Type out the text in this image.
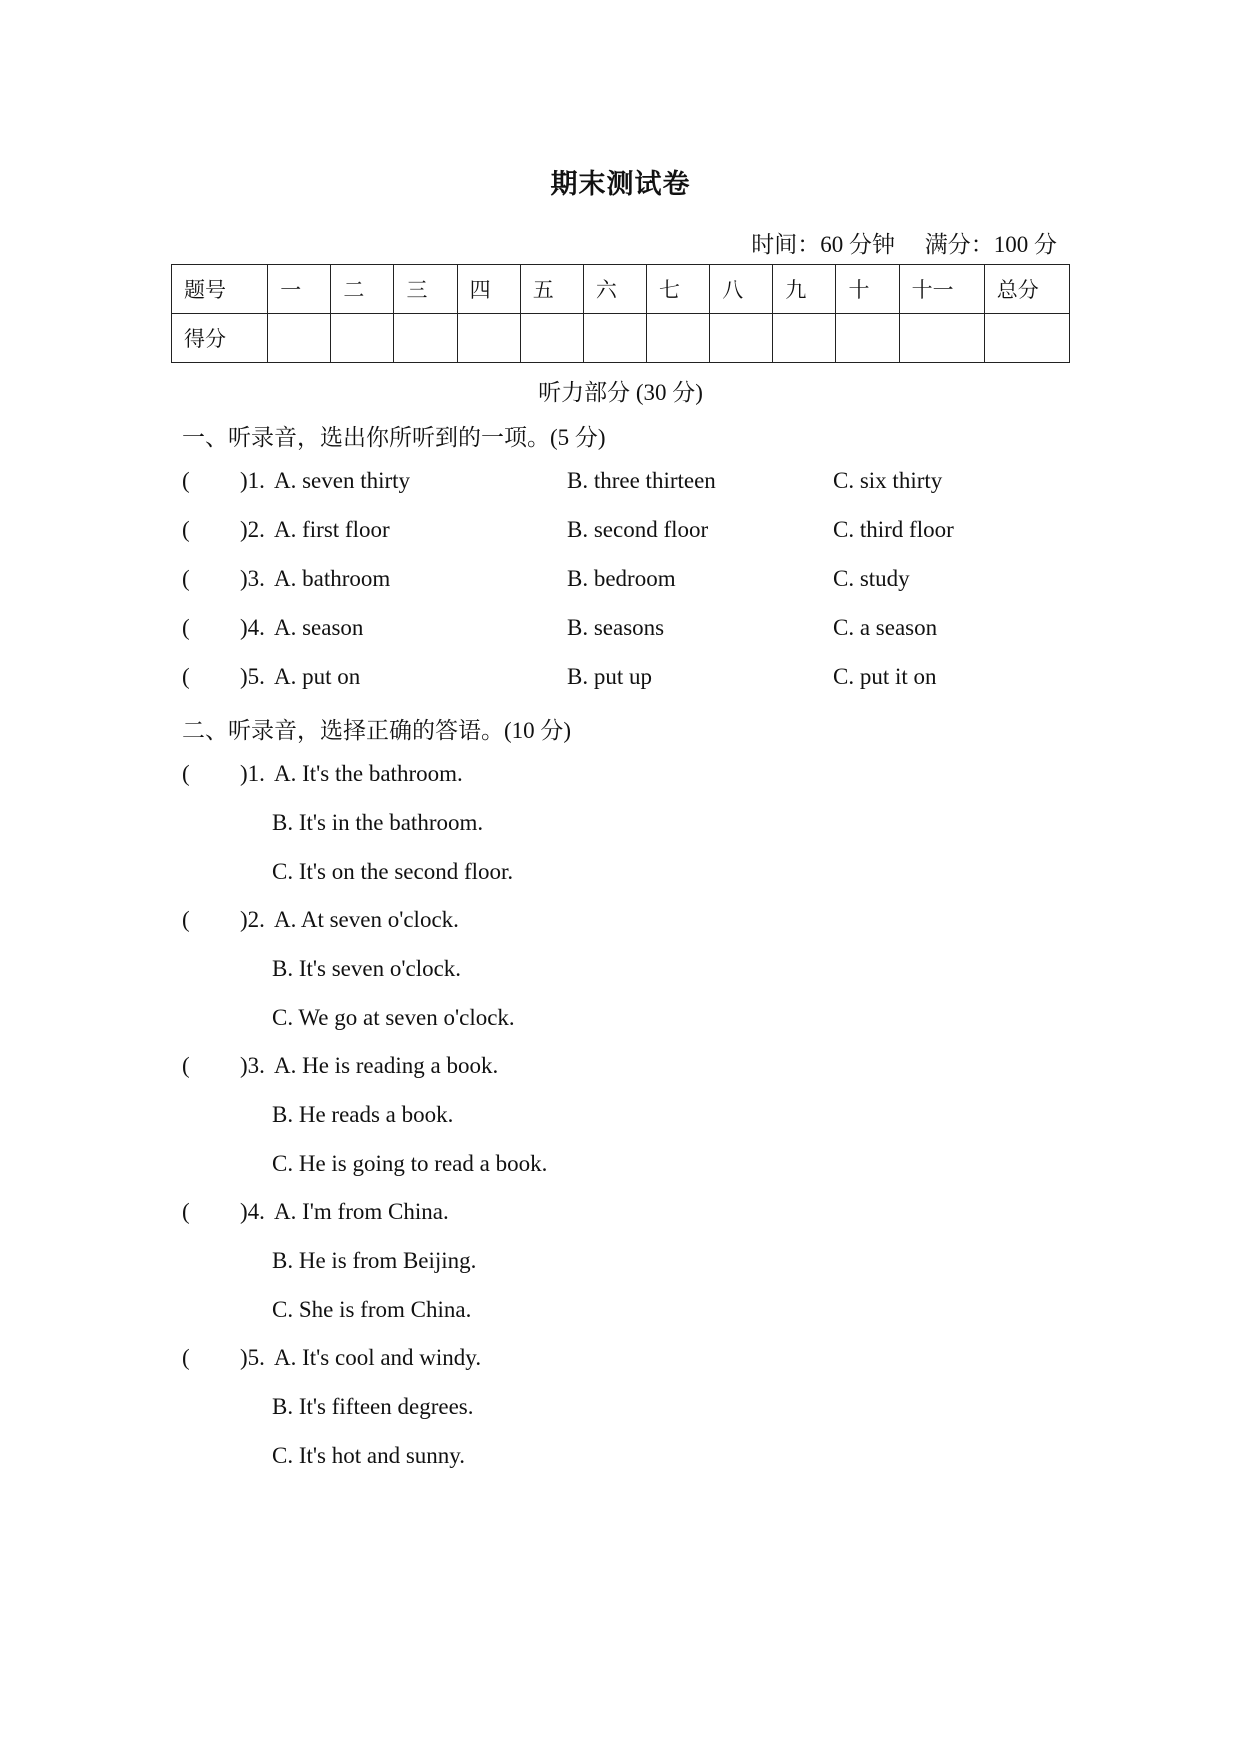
期末测试卷
时间：60 分钟 满分：100 分
题号	一	二	三	四	五	六	七	八	九	十	十一	总分
得分												
听力部分 (30 分)
一、听录音，选出你所听到的一项。(5 分)
( )1. A. seven thirty	B. three thirteen	C. six thirty
( )2. A. first floor	B. second floor	C. third floor
( )3. A. bathroom	B. bedroom	C. study
( )4. A. season	B. seasons	C. a season
( )5. A. put on	B. put up	C. put it on
二、听录音，选择正确的答语。(10 分)
( )1. A. It's the bathroom.
B. It's in the bathroom.
C. It's on the second floor.
( )2. A. At seven o'clock.
B. It's seven o'clock.
C. We go at seven o'clock.
( )3. A. He is reading a book.
B. He reads a book.
C. He is going to read a book.
( )4. A. I'm from China.
B. He is from Beijing.
C. She is from China.
( )5. A. It's cool and windy.
B. It's fifteen degrees.
C. It's hot and sunny.
